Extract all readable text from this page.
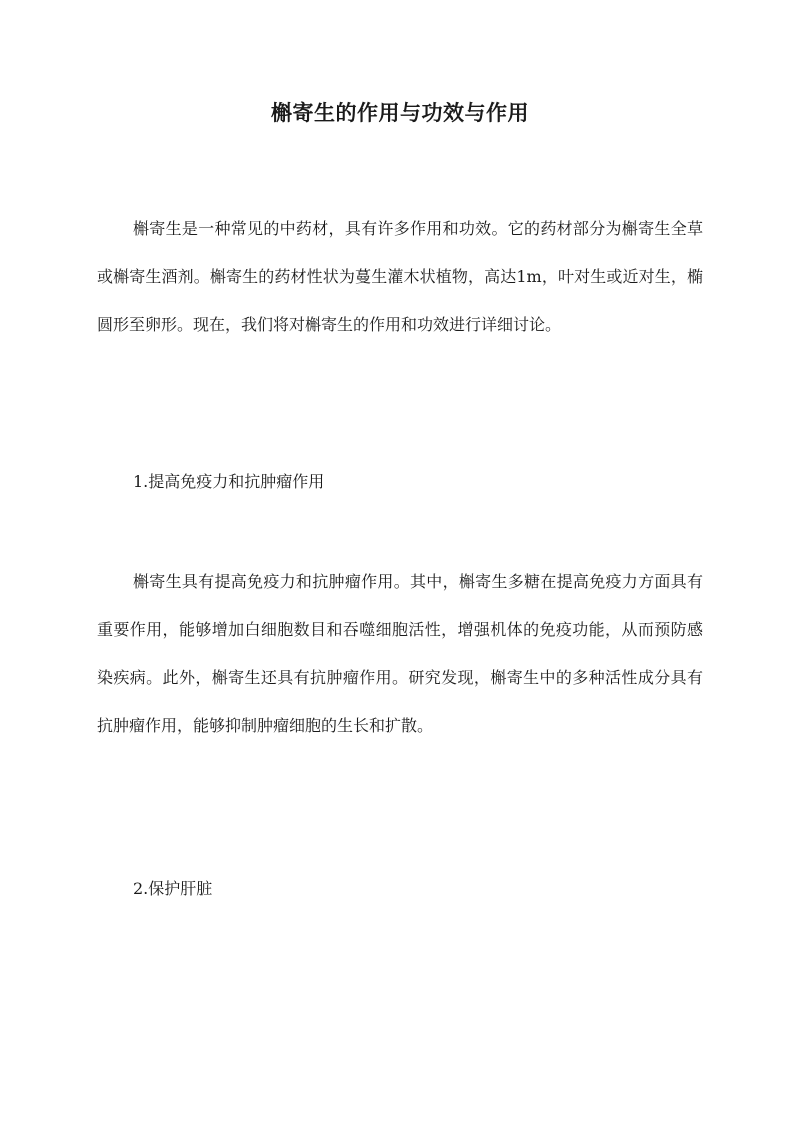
槲寄生的作用与功效与作用

槲寄生是一种常见的中药材，具有许多作用和功效。它的药材部分为槲寄生全草或槲寄生酒剂。槲寄生的药材性状为蔓生灌木状植物，高达1m，叶对生或近对生，椭圆形至卵形。现在，我们将对槲寄生的作用和功效进行详细讨论。

1.提高免疫力和抗肿瘤作用

槲寄生具有提高免疫力和抗肿瘤作用。其中，槲寄生多糖在提高免疫力方面具有重要作用，能够增加白细胞数目和吞噬细胞活性，增强机体的免疫功能，从而预防感染疾病。此外，槲寄生还具有抗肿瘤作用。研究发现，槲寄生中的多种活性成分具有抗肿瘤作用，能够抑制肿瘤细胞的生长和扩散。

2.保护肝脏
